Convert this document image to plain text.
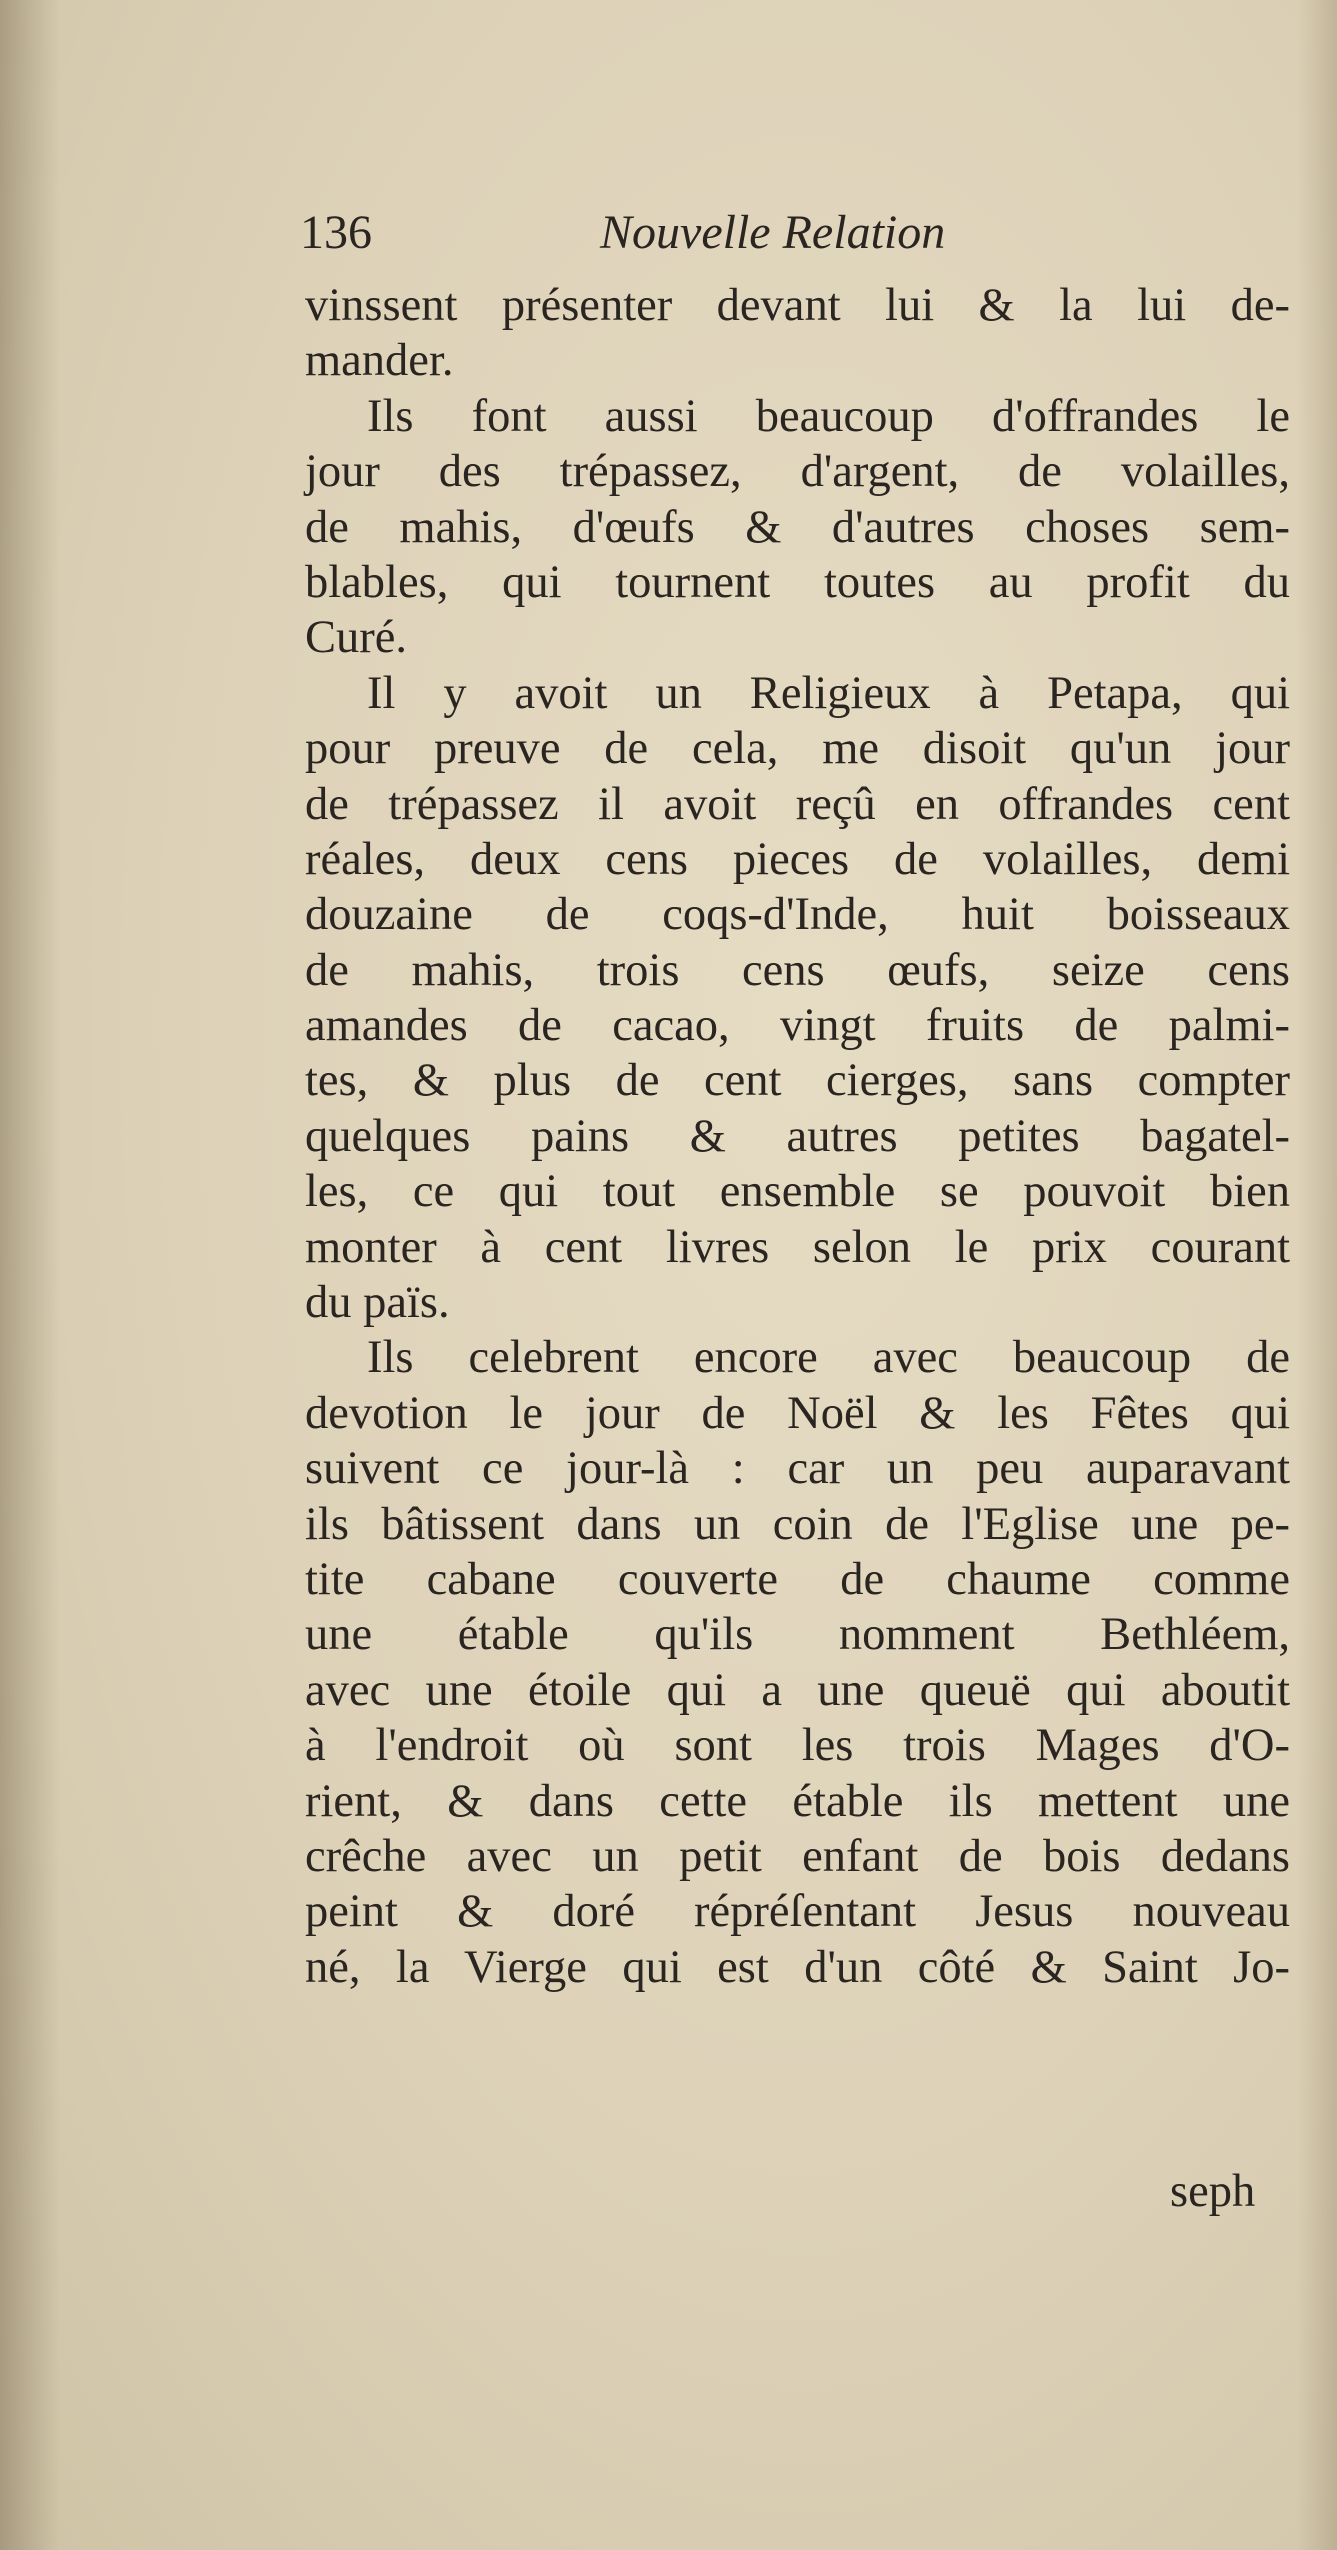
136	Nouvelle Relation
vinssent présenter devant lui & la lui de-
mander.
Ils font aussi beaucoup d'offrandes le
jour des trépassez, d'argent, de volailles,
de mahis, d'œufs & d'autres choses sem-
blables, qui tournent toutes au profit du
Curé.
Il y avoit un Religieux à Petapa, qui
pour preuve de cela, me disoit qu'un jour
de trépassez il avoit reçû en offrandes cent
réales, deux cens pieces de volailles, demi
douzaine de coqs-d'Inde, huit boisseaux
de mahis, trois cens œufs, seize cens
amandes de cacao, vingt fruits de palmi-
tes, & plus de cent cierges, sans compter
quelques pains & autres petites bagatel-
les, ce qui tout ensemble se pouvoit bien
monter à cent livres selon le prix courant
du païs.
Ils celebrent encore avec beaucoup de
devotion le jour de Noël & les Fêtes qui
suivent ce jour-là : car un peu auparavant
ils bâtissent dans un coin de l'Eglise une pe-
tite cabane couverte de chaume comme
une étable qu'ils nomment Bethléem,
avec une étoile qui a une queuë qui aboutit
à l'endroit où sont les trois Mages d'O-
rient, & dans cette étable ils mettent une
crêche avec un petit enfant de bois dedans
peint & doré répréſentant Jesus nouveau
né, la Vierge qui est d'un côté & Saint Jo-
seph
